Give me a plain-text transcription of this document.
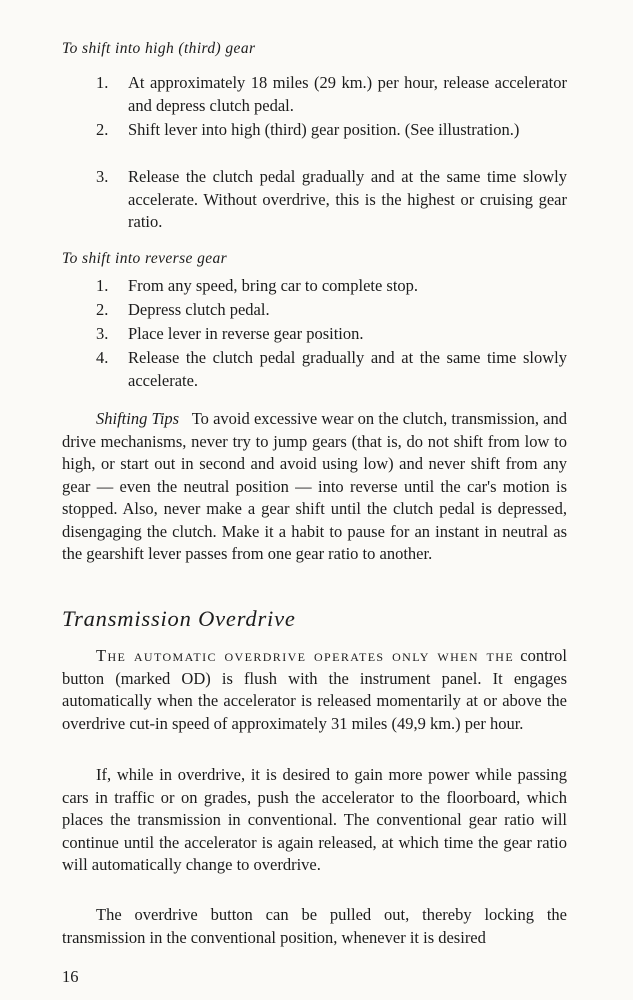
To shift into high (third) gear
1. At approximately 18 miles (29 km.) per hour, release accelerator and depress clutch pedal.
2. Shift lever into high (third) gear position. (See illustration.)
3. Release the clutch pedal gradually and at the same time slowly accelerate. Without overdrive, this is the highest or cruising gear ratio.
To shift into reverse gear
1. From any speed, bring car to complete stop.
2. Depress clutch pedal.
3. Place lever in reverse gear position.
4. Release the clutch pedal gradually and at the same time slowly accelerate.

Shifting Tips To avoid excessive wear on the clutch, transmission, and drive mechanisms, never try to jump gears (that is, do not shift from low to high, or start out in second and avoid using low) and never shift from any gear — even the neutral position — into reverse until the car's motion is stopped. Also, never make a gear shift until the clutch pedal is depressed, disengaging the clutch. Make it a habit to pause for an instant in neutral as the gearshift lever passes from one gear ratio to another.

Transmission Overdrive

The automatic overdrive operates only when the control button (marked OD) is flush with the instrument panel. It engages automatically when the accelerator is released momentarily at or above the overdrive cut-in speed of approximately 31 miles (49,9 km.) per hour.

If, while in overdrive, it is desired to gain more power while passing cars in traffic or on grades, push the accelerator to the floorboard, which places the transmission in conventional. The conventional gear ratio will continue until the accelerator is again released, at which time the gear ratio will automatically change to overdrive.

The overdrive button can be pulled out, thereby locking the transmission in the conventional position, whenever it is desired

16
